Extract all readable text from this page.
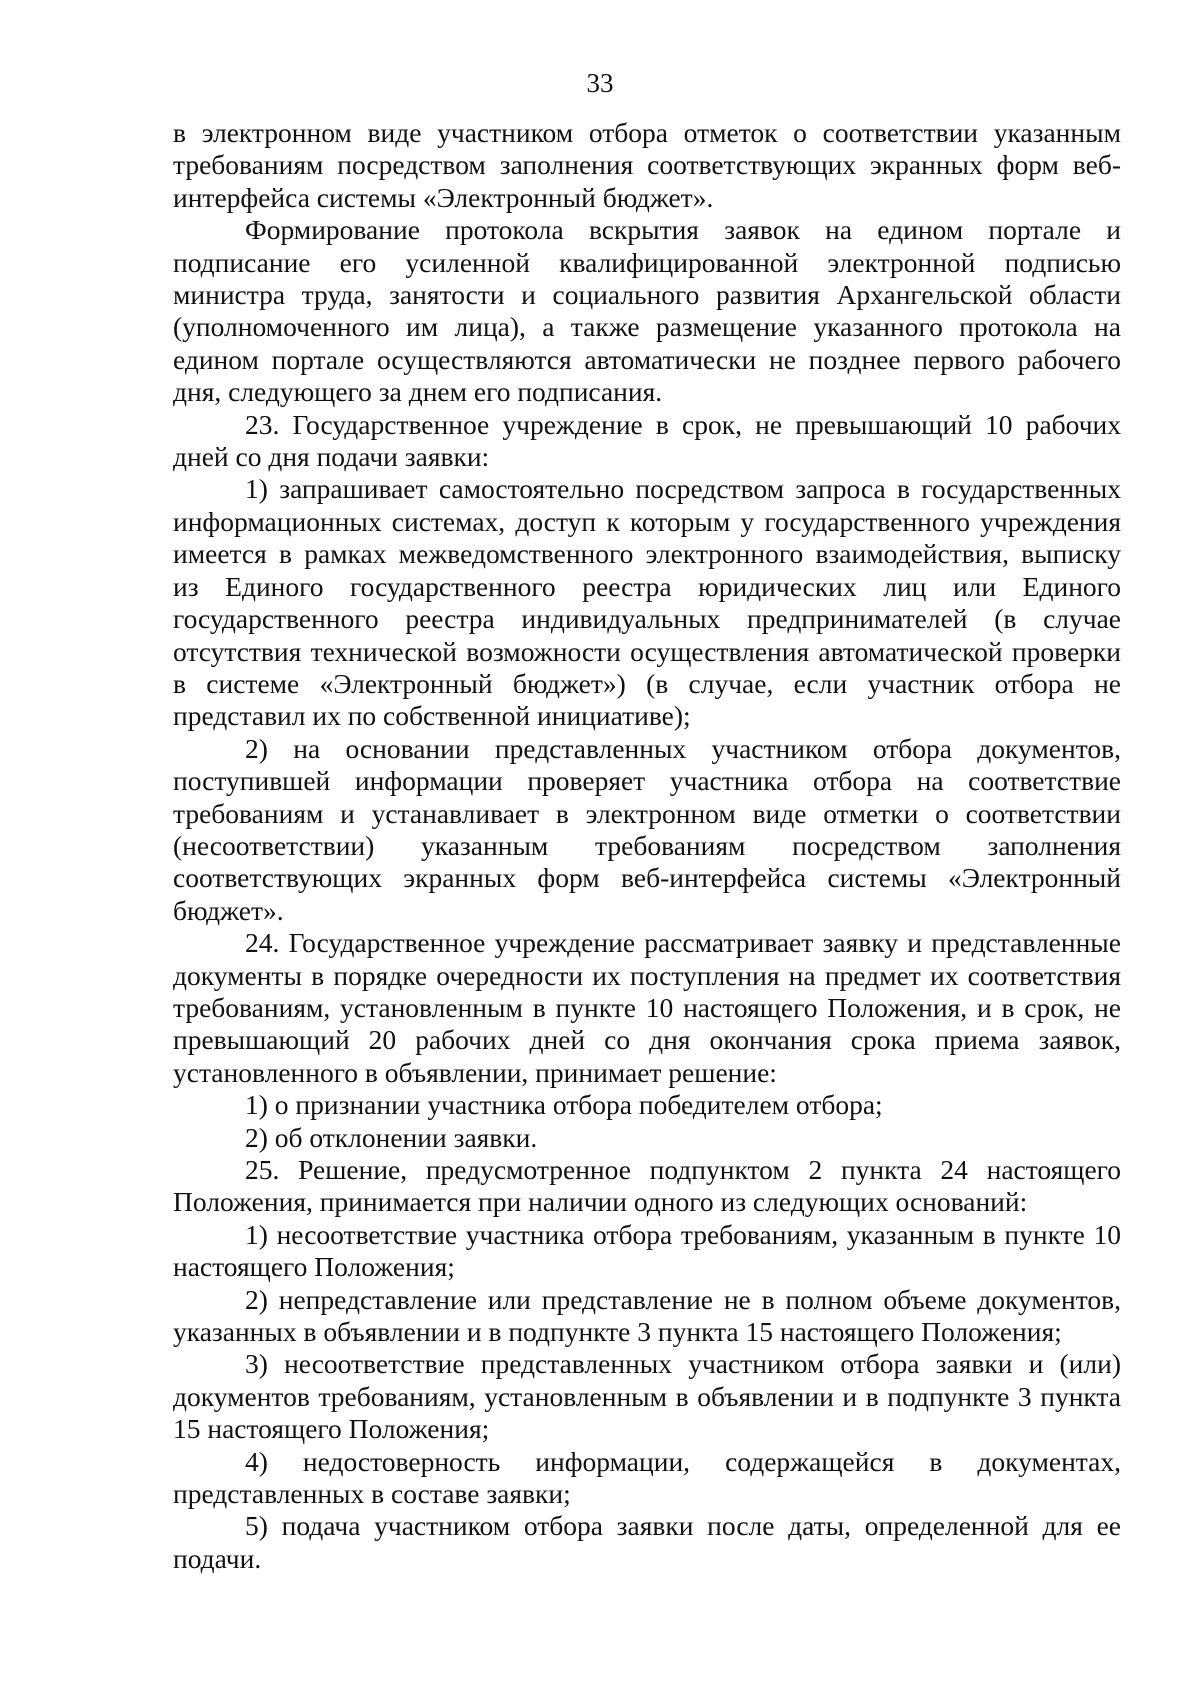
33

в электронном виде участником отбора отметок о соответствии указанным требованиям посредством заполнения соответствующих экранных форм веб-интерфейса системы «Электронный бюджет».

Формирование протокола вскрытия заявок на едином портале и подписание его усиленной квалифицированной электронной подписью министра труда, занятости и социального развития Архангельской области (уполномоченного им лица), а также размещение указанного протокола на едином портале осуществляются автоматически не позднее первого рабочего дня, следующего за днем его подписания.

23. Государственное учреждение в срок, не превышающий 10 рабочих дней со дня подачи заявки:

1) запрашивает самостоятельно посредством запроса в государственных информационных системах, доступ к которым у государственного учреждения имеется в рамках межведомственного электронного взаимодействия, выписку из Единого государственного реестра юридических лиц или Единого государственного реестра индивидуальных предпринимателей (в случае отсутствия технической возможности осуществления автоматической проверки в системе «Электронный бюджет») (в случае, если участник отбора не представил их по собственной инициативе);

2) на основании представленных участником отбора документов, поступившей информации проверяет участника отбора на соответствие требованиям и устанавливает в электронном виде отметки о соответствии (несоответствии) указанным требованиям посредством заполнения соответствующих экранных форм веб-интерфейса системы «Электронный бюджет».

24. Государственное учреждение рассматривает заявку и представленные документы в порядке очередности их поступления на предмет их соответствия требованиям, установленным в пункте 10 настоящего Положения, и в срок, не превышающий 20 рабочих дней со дня окончания срока приема заявок, установленного в объявлении, принимает решение:

1) о признании участника отбора победителем отбора;

2) об отклонении заявки.

25. Решение, предусмотренное подпунктом 2 пункта 24 настоящего Положения, принимается при наличии одного из следующих оснований:

1) несоответствие участника отбора требованиям, указанным в пункте 10 настоящего Положения;

2) непредставление или представление не в полном объеме документов, указанных в объявлении и в подпункте 3 пункта 15 настоящего Положения;

3) несоответствие представленных участником отбора заявки и (или) документов требованиям, установленным в объявлении и в подпункте 3 пункта 15 настоящего Положения;

4) недостоверность информации, содержащейся в документах, представленных в составе заявки;

5) подача участником отбора заявки после даты, определенной для ее подачи.
